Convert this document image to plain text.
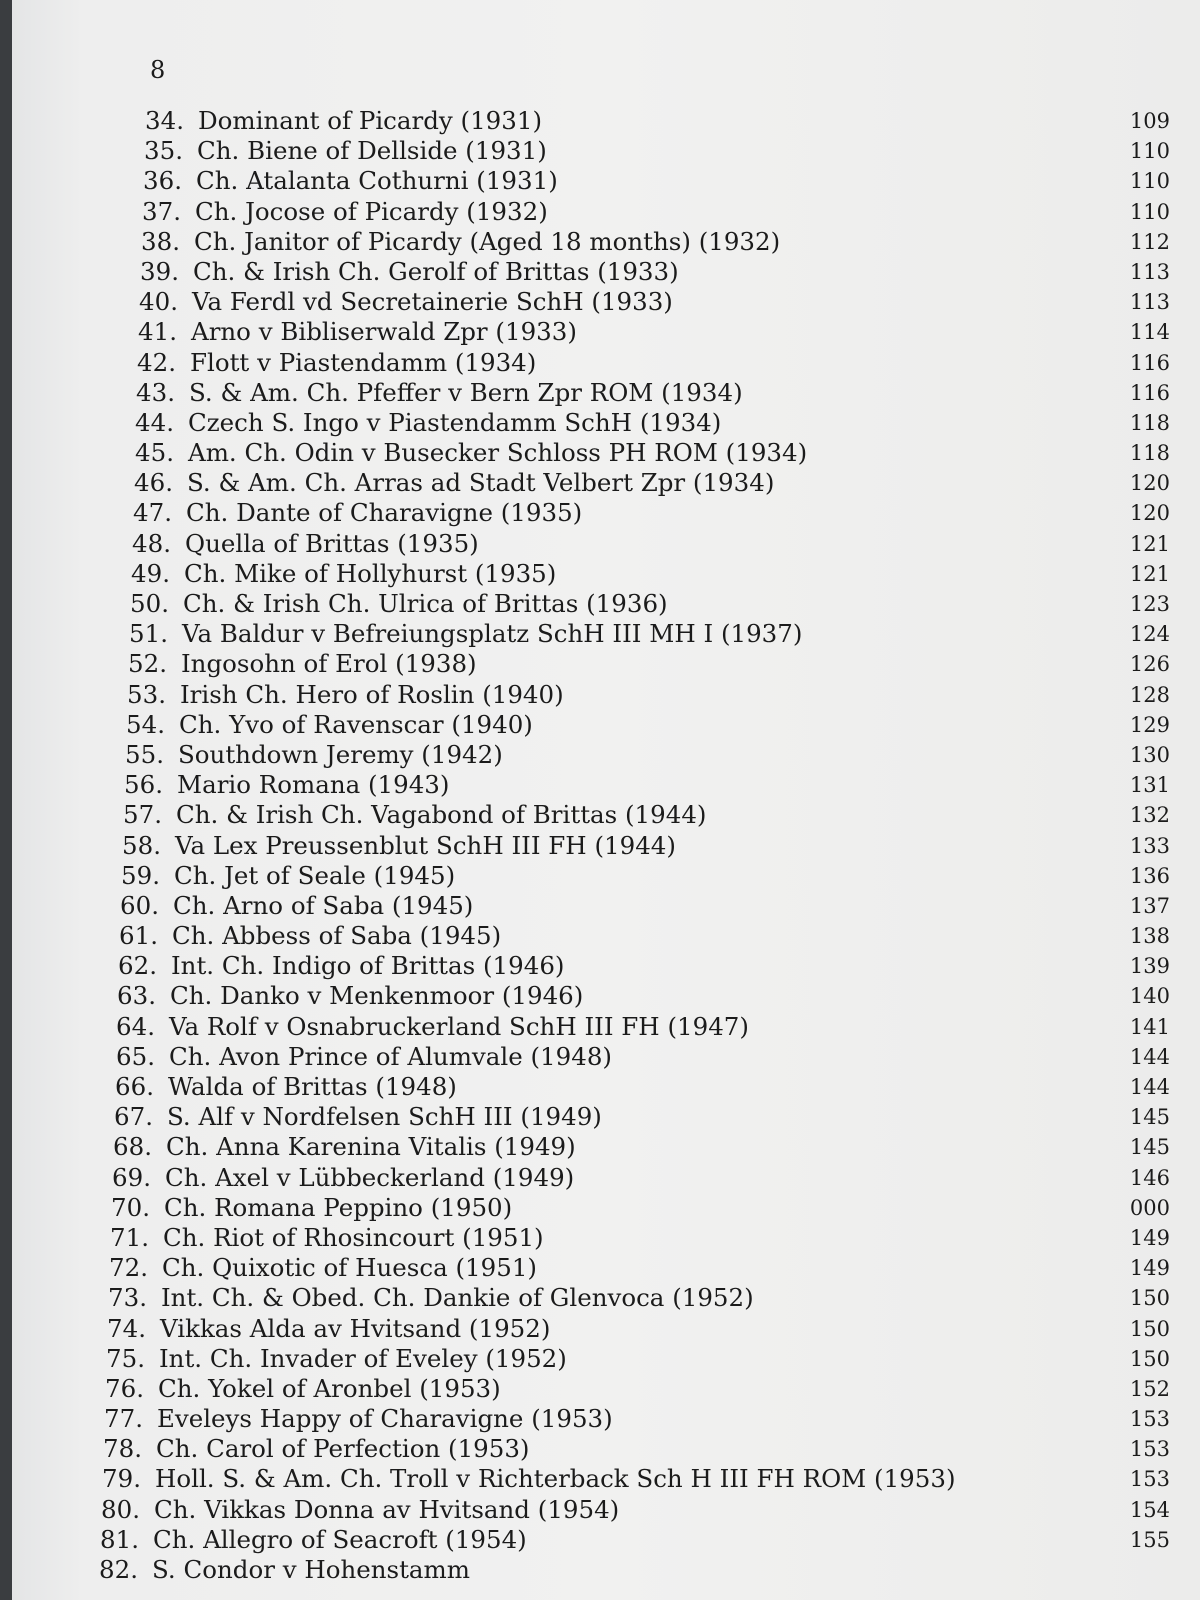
8
34. Dominant of Picardy (1931)	109
35. Ch. Biene of Dellside (1931)	110
36. Ch. Atalanta Cothurni (1931)	110
37. Ch. Jocose of Picardy (1932)	110
38. Ch. Janitor of Picardy (Aged 18 months) (1932)	112
39. Ch. & Irish Ch. Gerolf of Brittas (1933)	113
40. Va Ferdl vd Secretainerie SchH (1933)	113
41. Arno v Bibliserwald Zpr (1933)	114
42. Flott v Piastendamm (1934)	116
43. S. & Am. Ch. Pfeffer v Bern Zpr ROM (1934)	116
44. Czech S. Ingo v Piastendamm SchH (1934)	118
45. Am. Ch. Odin v Busecker Schloss PH ROM (1934)	118
46. S. & Am. Ch. Arras ad Stadt Velbert Zpr (1934)	120
47. Ch. Dante of Charavigne (1935)	120
48. Quella of Brittas (1935)	121
49. Ch. Mike of Hollyhurst (1935)	121
50. Ch. & Irish Ch. Ulrica of Brittas (1936)	123
51. Va Baldur v Befreiungsplatz SchH III MH I (1937)	124
52. Ingosohn of Erol (1938)	126
53. Irish Ch. Hero of Roslin (1940)	128
54. Ch. Yvo of Ravenscar (1940)	129
55. Southdown Jeremy (1942)	130
56. Mario Romana (1943)	131
57. Ch. & Irish Ch. Vagabond of Brittas (1944)	132
58. Va Lex Preussenblut SchH III FH (1944)	133
59. Ch. Jet of Seale (1945)	136
60. Ch. Arno of Saba (1945)	137
61. Ch. Abbess of Saba (1945)	138
62. Int. Ch. Indigo of Brittas (1946)	139
63. Ch. Danko v Menkenmoor (1946)	140
64. Va Rolf v Osnabruckerland SchH III FH (1947)	141
65. Ch. Avon Prince of Alumvale (1948)	144
66. Walda of Brittas (1948)	144
67. S. Alf v Nordfelsen SchH III (1949)	145
68. Ch. Anna Karenina Vitalis (1949)	145
69. Ch. Axel v Lübbeckerland (1949)	146
70. Ch. Romana Peppino (1950)	000
71. Ch. Riot of Rhosincourt (1951)	149
72. Ch. Quixotic of Huesca (1951)	149
73. Int. Ch. & Obed. Ch. Dankie of Glenvoca (1952)	150
74. Vikkas Alda av Hvitsand (1952)	150
75. Int. Ch. Invader of Eveley (1952)	150
76. Ch. Yokel of Aronbel (1953)	152
77. Eveleys Happy of Charavigne (1953)	153
78. Ch. Carol of Perfection (1953)	153
79. Holl. S. & Am. Ch. Troll v Richterback Sch H III FH ROM (1953)	153
80. Ch. Vikkas Donna av Hvitsand (1954)	154
81. Ch. Allegro of Seacroft (1954)	155
82. S. Condor v Hohenstamm
